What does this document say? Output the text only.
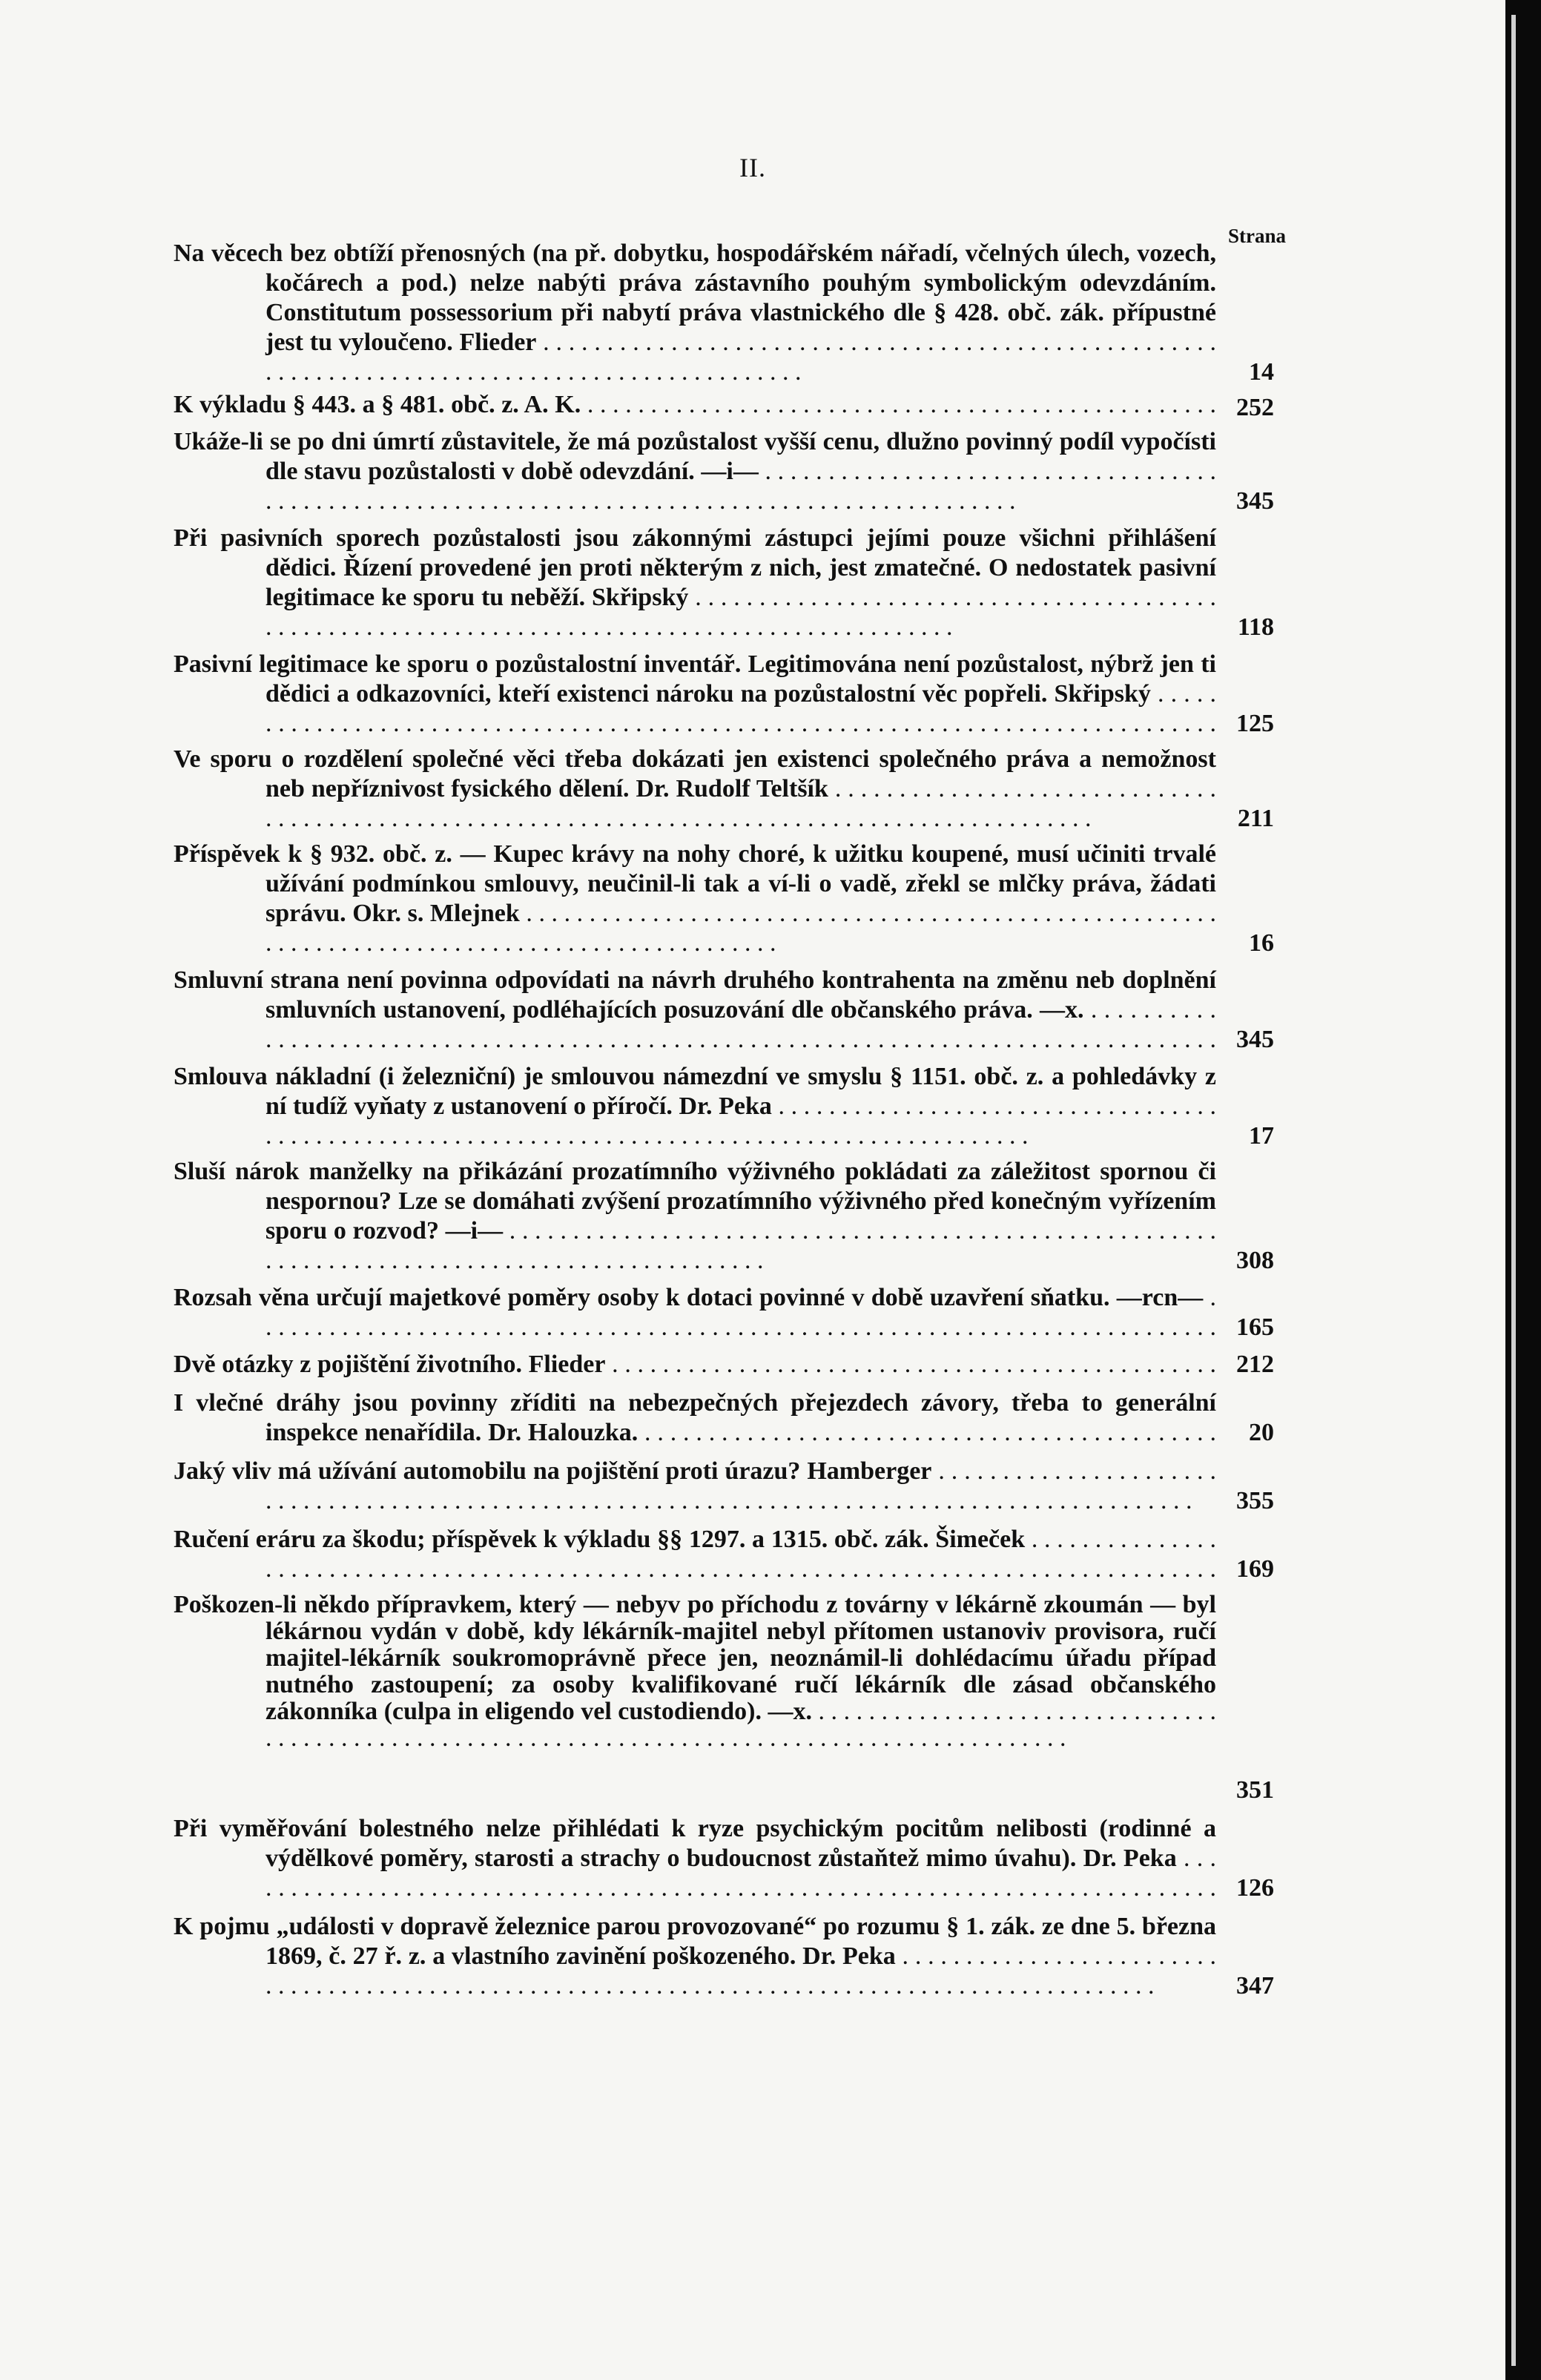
II.
Strana
Na věcech bez obtíží přenosných (na př. dobytku, hospodářském nářadí, včelných úlech, vozech, kočárech a pod.) nelze nabýti práva zástavního pouhým symbolickým odevzdáním. Constitutum possessorium při nabytí práva vlastnického dle § 428. obč. zák. přípustné jest tu vyloučeno. Flieder . . .
14
K výkladu § 443. a § 481. obč. z. A. K. . . .	252
Ukáže-li se po dni úmrtí zůstavitele, že má pozůstalost vyšší cenu, dlužno povinný podíl vypočísti dle stavu pozůstalosti v době odevzdání. —i— . . .
345
Při pasivních sporech pozůstalosti jsou zákonnými zástupci jejími pouze všichni přihlášení dědici. Řízení provedené jen proti některým z nich, jest zmatečné. O nedostatek pasivní legitimace ke sporu tu neběží. Skřipský . . .
118
Pasivní legitimace ke sporu o pozůstalostní inventář. Legitimována není pozůstalost, nýbrž jen ti dědici a odkazovníci, kteří existenci nároku na pozůstalostní věc popřeli. Skřipský . . .
125
Ve sporu o rozdělení společné věci třeba dokázati jen existenci společného práva a nemožnost neb nepříznivost fysického dělení. Dr. Rudolf Teltšík . . .
211
Příspěvek k § 932. obč. z. — Kupec krávy na nohy choré, k užitku koupené, musí učiniti trvalé užívání podmínkou smlouvy, neučinil-li tak a ví-li o vadě, zřekl se mlčky práva, žádati správu. Okr. s. Mlejnek . . .
16
Smluvní strana není povinna odpovídati na návrh druhého kontrahenta na změnu neb doplnění smluvních ustanovení, podléhajících posuzování dle občanského práva. —x. . . .
345
Smlouva nákladní (i železniční) je smlouvou námezdní ve smyslu § 1151. obč. z. a pohledávky z ní tudíž vyňaty z ustanovení o příročí. Dr. Peka . . .
17
Sluší nárok manželky na přikázání prozatímního výživného pokládati za záležitost spornou či nespornou? Lze se domáhati zvýšení prozatímního výživného před konečným vyřízením sporu o rozvod? —i— . . .
308
Rozsah věna určují majetkové poměry osoby k dotaci povinné v době uzavření sňatku. —rcn— . . .
165
Dvě otázky z pojištění životního. Flieder . . .	212
I vlečné dráhy jsou povinny zříditi na nebezpečných přejezdech závory, třeba to generální inspekce nenařídila. Dr. Halouzka. . . .	20
Jaký vliv má užívání automobilu na pojištění proti úrazu? Hamberger . . .
355
Ručení eráru za škodu; příspěvek k výkladu §§ 1297. a 1315. obč. zák. Šimeček . . .
169
Poškozen-li někdo přípravkem, který — nebyv po příchodu z továrny v lékárně zkoumán — byl lékárnou vydán v době, kdy lékárník-majitel nebyl přítomen ustanoviv provisora, ručí majitel-lékárník soukromoprávně přece jen, neoznámil-li dohlédacímu úřadu případ nutného zastoupení; za osoby kvalifikované ručí lékárník dle zásad občanského zákonníka (culpa in eligendo vel custodiendo). —x. . . .
351
Při vyměřování bolestného nelze přihlédati k ryze psychickým pocitům nelibosti (rodinné a výdělkové poměry, starosti a strachy o budoucnost zůstaňtež mimo úvahu). Dr. Peka . . .
126
K pojmu „události v dopravě železnice parou provozované“ po rozumu § 1. zák. ze dne 5. března 1869, č. 27 ř. z. a vlastního zavinění poškozeného. Dr. Peka . . .
347
